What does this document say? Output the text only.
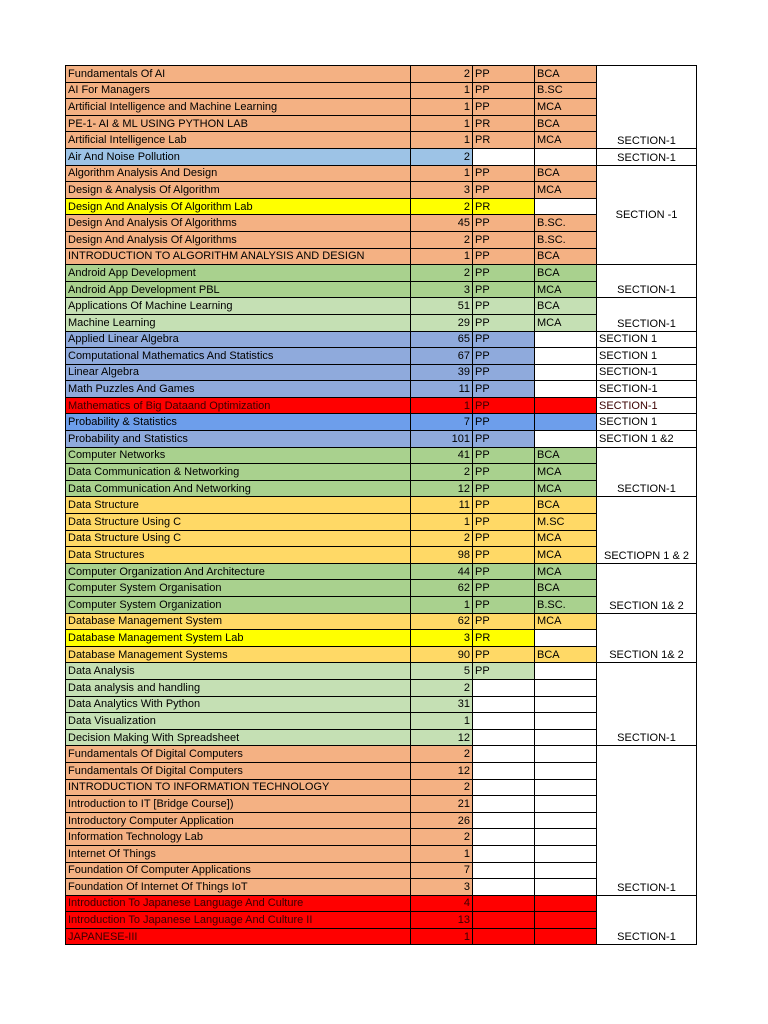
Fundamentals Of AI	2	PP	BCA	SECTION-1
AI For Managers	1	PP	B.SC	
Artificial Intelligence and Machine Learning	1	PP	MCA	
PE-1- AI & ML USING PYTHON LAB	1	PR	BCA	
Artificial Intelligence Lab	1	PR	MCA	
Air And Noise Pollution	2			SECTION-1
Algorithm Analysis And Design	1	PP	BCA	SECTION -1
Design & Analysis Of Algorithm	3	PP	MCA	
Design And Analysis Of Algorithm Lab	2	PR		
Design And Analysis Of Algorithms	45	PP	B.SC.	
Design And Analysis Of Algorithms	2	PP	B.SC.	
INTRODUCTION TO ALGORITHM ANALYSIS AND DESIGN	1	PP	BCA	
Android App Development	2	PP	BCA	SECTION-1
Android App Development PBL	3	PP	MCA	
Applications Of Machine Learning	51	PP	BCA	SECTION-1
Machine Learning	29	PP	MCA	
Applied Linear Algebra	65	PP		SECTION 1
Computational Mathematics And Statistics	67	PP		SECTION 1
Linear Algebra	39	PP		SECTION-1
Math Puzzles And Games	11	PP		SECTION-1
Mathematics of Big Dataand Optimization	1	PP		SECTION-1
Probability & Statistics	7	PP		SECTION 1
Probability and Statistics	101	PP		SECTION 1 &2
Computer Networks	41	PP	BCA	SECTION-1
Data Communication & Networking	2	PP	MCA	
Data Communication And Networking	12	PP	MCA	
Data Structure	11	PP	BCA	SECTIOPN 1 & 2
Data Structure Using C	1	PP	M.SC	
Data Structure Using C	2	PP	MCA	
Data Structures	98	PP	MCA	
Computer Organization And Architecture	44	PP	MCA	SECTION 1& 2
Computer System Organisation	62	PP	BCA	
Computer System Organization	1	PP	B.SC.	
Database Management System	62	PP	MCA	SECTION 1& 2
Database Management System Lab	3	PR		
Database Management Systems	90	PP	BCA	
Data Analysis	5	PP		SECTION-1
Data analysis and handling	2			
Data Analytics With Python	31			
Data Visualization	1			
Decision Making With Spreadsheet	12			
Fundamentals Of Digital Computers	2			SECTION-1
Fundamentals Of Digital Computers	12			
INTRODUCTION TO INFORMATION TECHNOLOGY	2			
Introduction to IT [Bridge Course])	21			
Introductory Computer Application	26			
Information Technology Lab	2			
Internet Of Things	1			
Foundation Of Computer Applications	7			
Foundation Of Internet Of Things IoT	3			
Introduction To Japanese Language And Culture	4			SECTION-1
Introduction To Japanese Language And Culture II	13			
JAPANESE-III	1			
